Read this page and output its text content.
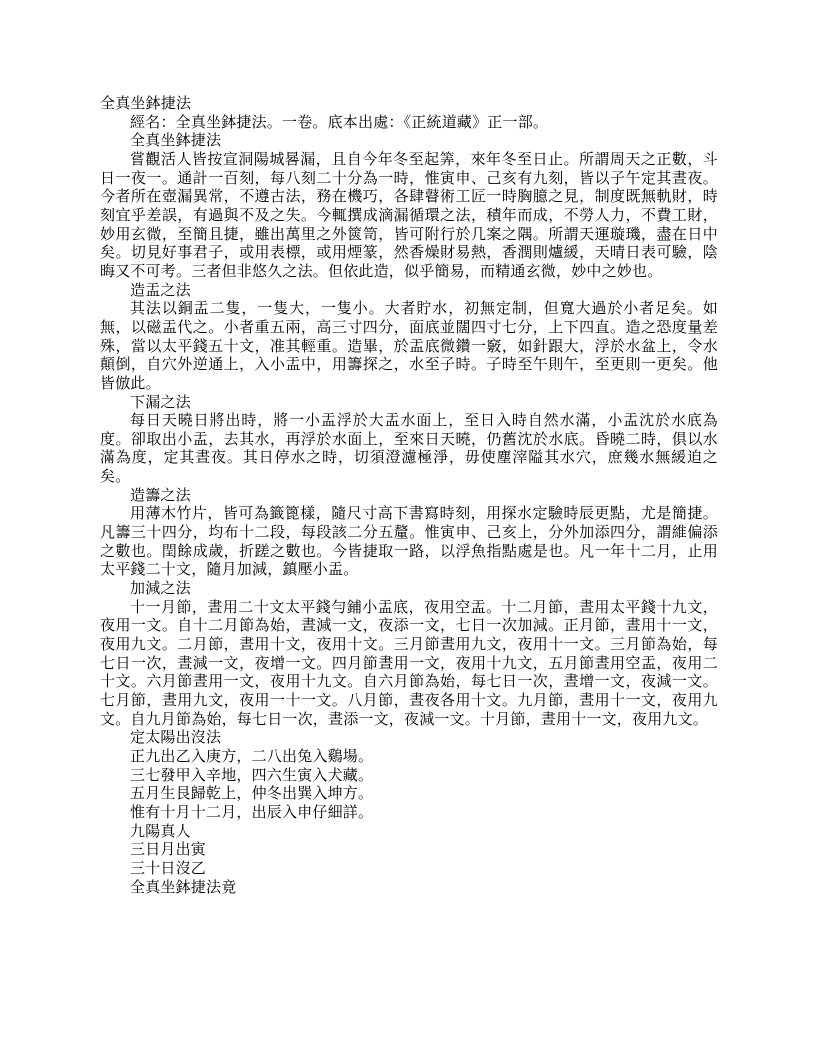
全真坐鉢捷法

經名：全真坐鉢捷法。一卷。底本出處：《正統道藏》正一部。

全真坐鉢捷法

嘗觀活人皆按宣洞陽城晷漏，且自今年冬至起筭，來年冬至日止。所謂周天之正數，斗日一夜一。通計一百刻，每八刻二十分為一時，惟寅申、己亥有九刻，皆以子午定其晝夜。今者所在壺漏異常，不遵古法，務在機巧，各肆瞽術工匠一時胸臆之見，制度既無軌財，時刻宜乎差誤，有過與不及之失。今輒撰成滴漏循環之法，積年而成，不勞人力，不費工財，妙用玄微，至簡且捷，雖出萬里之外篋笥，皆可附行於几案之隅。所謂天運璇璣，盡在日中矣。切見好事君子，或用表標，或用煙篆，然香燥財易熱，香潤則爐緩，天晴日表可驗，陰晦又不可考。三者但非悠久之法。但依此造，似乎簡易，而精通玄微，妙中之妙也。

造盂之法

其法以銅盂二隻，一隻大，一隻小。大者貯水，初無定制，但寬大過於小者足矣。如無，以磁盂代之。小者重五兩，高三寸四分，面底並闊四寸七分，上下四直。造之恐度量差殊，當以太平錢五十文，准其輕重。造畢，於盂底微鑽一竅，如針跟大，浮於水盆上，令水顛倒，自穴外逆通上，入小盂中，用籌探之，水至子時。子時至午則午，至更則一更矣。他皆倣此。

下漏之法

每日天曉日將出時，將一小盂浮於大盂水面上，至日入時自然水滿，小盂沈於水底為度。卻取出小盂，去其水，再浮於水面上，至來日天曉，仍舊沈於水底。昏曉二時，俱以水滿為度，定其晝夜。其日停水之時，切須澄濾極淨，毋使塵滓隘其水穴，庶幾水無緩迫之矣。

造籌之法

用薄木竹片，皆可為籤篦樣，隨尺寸高下書寫時刻，用探水定驗時辰更點，尤是簡捷。凡籌三十四分，均布十二段，每段該二分五釐。惟寅申、己亥上，分外加添四分，謂維偏添之數也。閏餘成歲，折蹉之數也。今皆捷取一路，以浮魚指點處是也。凡一年十二月，止用太平錢二十文，隨月加減，鎮壓小盂。

加減之法

十一月節，晝用二十文太平錢勻鋪小盂底，夜用空盂。十二月節，晝用太平錢十九文，夜用一文。自十二月節為始，晝減一文，夜添一文，七日一次加減。正月節，晝用十一文，夜用九文。二月節，晝用十文，夜用十文。三月節晝用九文，夜用十一文。三月節為始，每七日一次，晝減一文，夜增一文。四月節晝用一文，夜用十九文，五月節晝用空盂，夜用二十文。六月節晝用一文，夜用十九文。自六月節為始，每七日一次，晝增一文，夜減一文。七月節，晝用九文，夜用一十一文。八月節，晝夜各用十文。九月節，晝用十一文，夜用九文。自九月節為始，每七日一次，晝添一文，夜減一文。十月節，晝用十一文，夜用九文。

定太陽出沒法

正九出乙入庚方，二八出兔入鷄場。

三七發甲入辛地，四六生寅入犬藏。

五月生艮歸乾上，仲冬出巽入坤方。

惟有十月十二月，出辰入申仔細詳。

九陽真人

三日月出寅

三十日沒乙

全真坐鉢捷法竟
